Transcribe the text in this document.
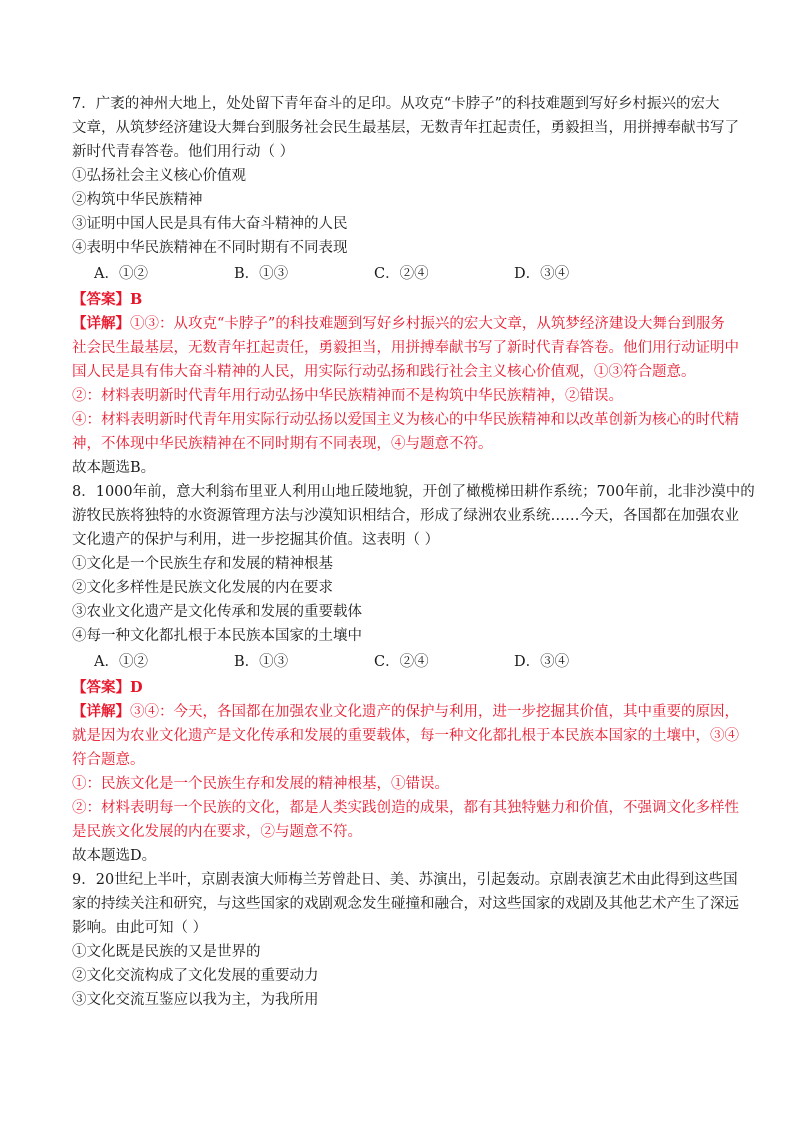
7．广袤的神州大地上，处处留下青年奋斗的足印。从攻克“卡脖子”的科技难题到写好乡村振兴的宏大
文章，从筑梦经济建设大舞台到服务社会民生最基层，无数青年扛起责任，勇毅担当，用拼搏奉献书写了
新时代青春答卷。他们用行动（ ）
①弘扬社会主义核心价值观
②构筑中华民族精神
③证明中国人民是具有伟大奋斗精神的人民
④表明中华民族精神在不同时期有不同表现
A．①②	B．①③	C．②④	D．③④
【答案】B
【详解】①③：从攻克“卡脖子”的科技难题到写好乡村振兴的宏大文章，从筑梦经济建设大舞台到服务
社会民生最基层，无数青年扛起责任，勇毅担当，用拼搏奉献书写了新时代青春答卷。他们用行动证明中
国人民是具有伟大奋斗精神的人民，用实际行动弘扬和践行社会主义核心价值观，①③符合题意。
②：材料表明新时代青年用行动弘扬中华民族精神而不是构筑中华民族精神，②错误。
④：材料表明新时代青年用实际行动弘扬以爱国主义为核心的中华民族精神和以改革创新为核心的时代精
神，不体现中华民族精神在不同时期有不同表现，④与题意不符。
故本题选B。
8．1000年前，意大利翁布里亚人利用山地丘陵地貌，开创了橄榄梯田耕作系统；700年前，北非沙漠中的
游牧民族将独特的水资源管理方法与沙漠知识相结合，形成了绿洲农业系统……今天，各国都在加强农业
文化遗产的保护与利用，进一步挖掘其价值。这表明（ ）
①文化是一个民族生存和发展的精神根基
②文化多样性是民族文化发展的内在要求
③农业文化遗产是文化传承和发展的重要载体
④每一种文化都扎根于本民族本国家的土壤中
A．①②	B．①③	C．②④	D．③④
【答案】D
【详解】③④：今天，各国都在加强农业文化遗产的保护与利用，进一步挖掘其价值，其中重要的原因，
就是因为农业文化遗产是文化传承和发展的重要载体，每一种文化都扎根于本民族本国家的土壤中，③④
符合题意。
①：民族文化是一个民族生存和发展的精神根基，①错误。
②：材料表明每一个民族的文化，都是人类实践创造的成果，都有其独特魅力和价值，不强调文化多样性
是民族文化发展的内在要求，②与题意不符。
故本题选D。
9．20世纪上半叶，京剧表演大师梅兰芳曾赴日、美、苏演出，引起轰动。京剧表演艺术由此得到这些国
家的持续关注和研究，与这些国家的戏剧观念发生碰撞和融合，对这些国家的戏剧及其他艺术产生了深远
影响。由此可知（ ）
①文化既是民族的又是世界的
②文化交流构成了文化发展的重要动力
③文化交流互鉴应以我为主，为我所用
